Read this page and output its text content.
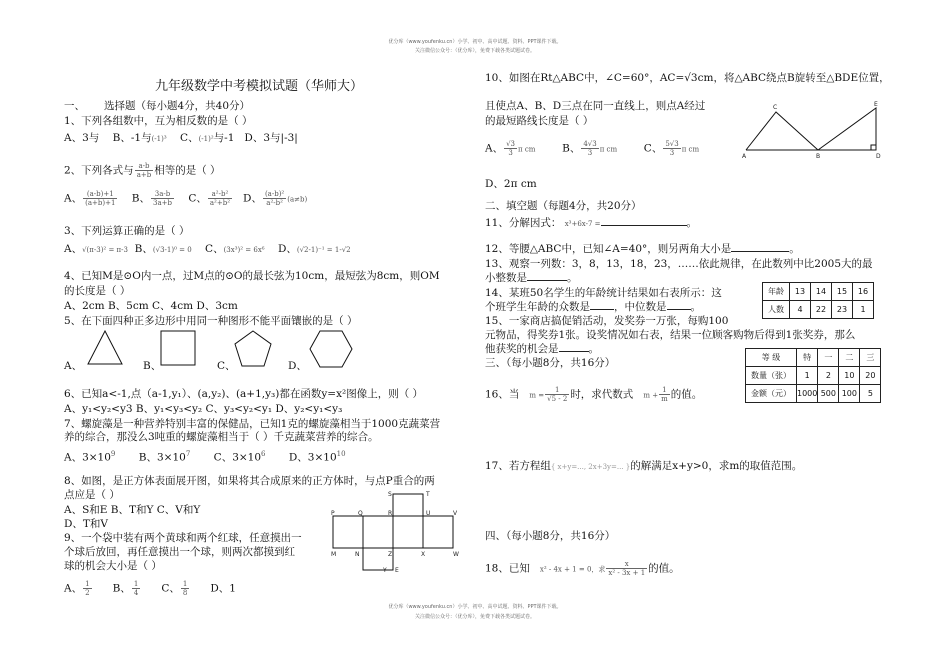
优分库（www.youfenku.cn）小学、初中、高中试题、资料、PPT课件下载。
关注微信公众号：（优分库），免费下载各类试题试卷。
九年级数学中考模拟试题（华师大）
一、 选择题（每小题4分，共40分）
1、下列各组数中，互为相反数的是（ ）
A、3与 B、-1与(-1)³ C、(-1)²与-1 D、3与|-3|
2、下列各式与 $\frac{a-b}{a+b}$ 相等的是（ ）
A、 $\frac{(a-b)+1}{(a+b)+1}$ B、 $\frac{3a-b}{3a+b}$ C、 $\frac{\text{a²-b²}}{\text{a²+b²}}$ D、 $\frac{\text{(a-b)²}}{\text{a²-b²}} (a\ne b)$
3、下列运算正确的是（ ）
A、√(π-3)² = π-3 B、(√3-1)⁰ = 0 C、(3x³)² = 6x⁶ D、(√2-1)⁻¹ = 1-√2
4、已知M是⊙O内一点，过M点的⊙O的最长弦为10cm，最短弦为8cm，则OM
的长度是（ ）
A、2cm B、5cm C、4cm D、3cm
5、在下面四种正多边形中用同一种图形不能平面镶嵌的是（ ）
A、	B、	C、	D、
6、已知a<-1,点（a-1,y₁）、(a,y₂)、(a+1,y₃)都在函数y=x²图像上，则（ ）
A、y₁<y₂<y3 B、y₁<y₃<y₂ C、y₃<y₂<y₁ D、y₂<y₁<y₃
7、螺旋藻是一种营养特别丰富的保健品，已知1克的螺旋藻相当于1000克蔬菜营
养的综合，那没么3吨重的螺旋藻相当于（ ）千克蔬菜营养的综合。
A、$3\times 10^9$ B、$3\times 10^7$ C、$3\times 10^6$ D、$3\times 10^{10}$
8、如图，是正方体表面展开图，如果将其合成原来的正方体时，与点P重合的两
点应是（ ）
A、S和E B、T和Y C、V和Y
D、T和V
S	T
P	Q	R	U
M	N	Z	X	W
Y E
V
9、一个袋中装有两个黄球和两个红球，任意摸出一
个球后放回，再任意摸出一个球，则两次都摸到红
球的机会大小是（ ）
A、 $\frac{1}{2}$ B、 $\frac{1}{4}$ C、 $\frac{1}{8}$ D、1
10、如图在Rt△ABC中，∠C=60°，AC=√3cm，将△ABC绕点B旋转至△BDE位置，
且使点A、B、D三点在同一直线上，则点A经过
的最短路线长度是（ ）
A、 $\frac{√3}{3}$ π cm	B、 $\frac{4√3}{3}$ π cm	C、 $\frac{5√3}{3}$ π cm
D、2π cm
C
A	B
E
D
二、填空题（每题4分，共20分）
11、分解因式： x³+6x-7 =	。
12、等腰△ABC中，已知∠A=40°，则另两角大小是	。
13、观察一列数：3，8，13，18，23，……依此规律，在此数列中比2005大的最
小整数是	。
14、某班50名学生的年龄统计结果如右表所示：这
个班学生年龄的众数是 ，中位数是 。
年龄	13	14	15	16
人数	4	22	23	1
15、一家商店搞促销活动，发奖券一万张，每购100
元物品，得奖券1张。设奖情况如右表，结果一位顾客购物后得到1张奖券，那么
他获奖的机会是	。
等 级	特	一	二	三
数量（张）	1	2	10	20
金额（元）	1000	500	100	5
三、（每小题8分，共16分）
16、当 $m = \frac{1}{√5 - 2}$ 时，求代数式 $m + \frac{1}{m}$ 的值。
17、若方程组{ x+y=..., 2x+3y=... }的解满足x+y>0，求m的取值范围。
四、（每小题8分，共16分）
18、已知 x² - 4x + 1 = 0，求 $\frac{x}{\text{x² - 3x + 1}}$ 的值。
优分库（www.youfenku.cn）小学、初中、高中试题、资料、PPT课件下载。
关注微信公众号：（优分库），免费下载各类试题试卷。
